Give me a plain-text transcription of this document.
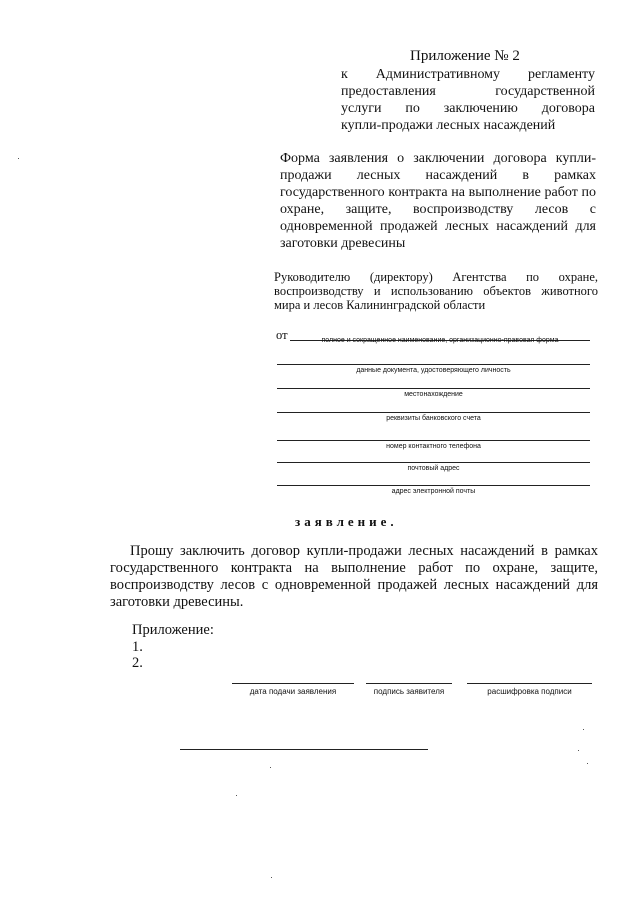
Приложение № 2
к Административному регламенту
предоставления государственной
услуги по заключению договора
купли-продажи лесных насаждений
Форма заявления о заключении договора купли-продажи лесных насаждений в рамках государственного контракта на выполнение работ по охране, защите, воспроизводству лесов с одновременной продажей лесных насаждений для заготовки древесины
Руководителю (директору) Агентства по охране, воспроизводству и использованию объектов животного мира и лесов Калининградской области
от	полное и сокращенное наименование, организационно-правовая форма
данные документа, удостоверяющего личность
местонахождение
реквизиты банковского счета
номер контактного телефона
почтовый адрес
адрес электронной почты
заявление.
Прошу заключить договор купли-продажи лесных насаждений в рамках государственного контракта на выполнение работ по охране, защите, воспроизводству лесов с одновременной продажей лесных насаждений для заготовки древесины.
Приложение:
1.
2.
дата подачи заявления	подпись заявителя	расшифровка подписи
